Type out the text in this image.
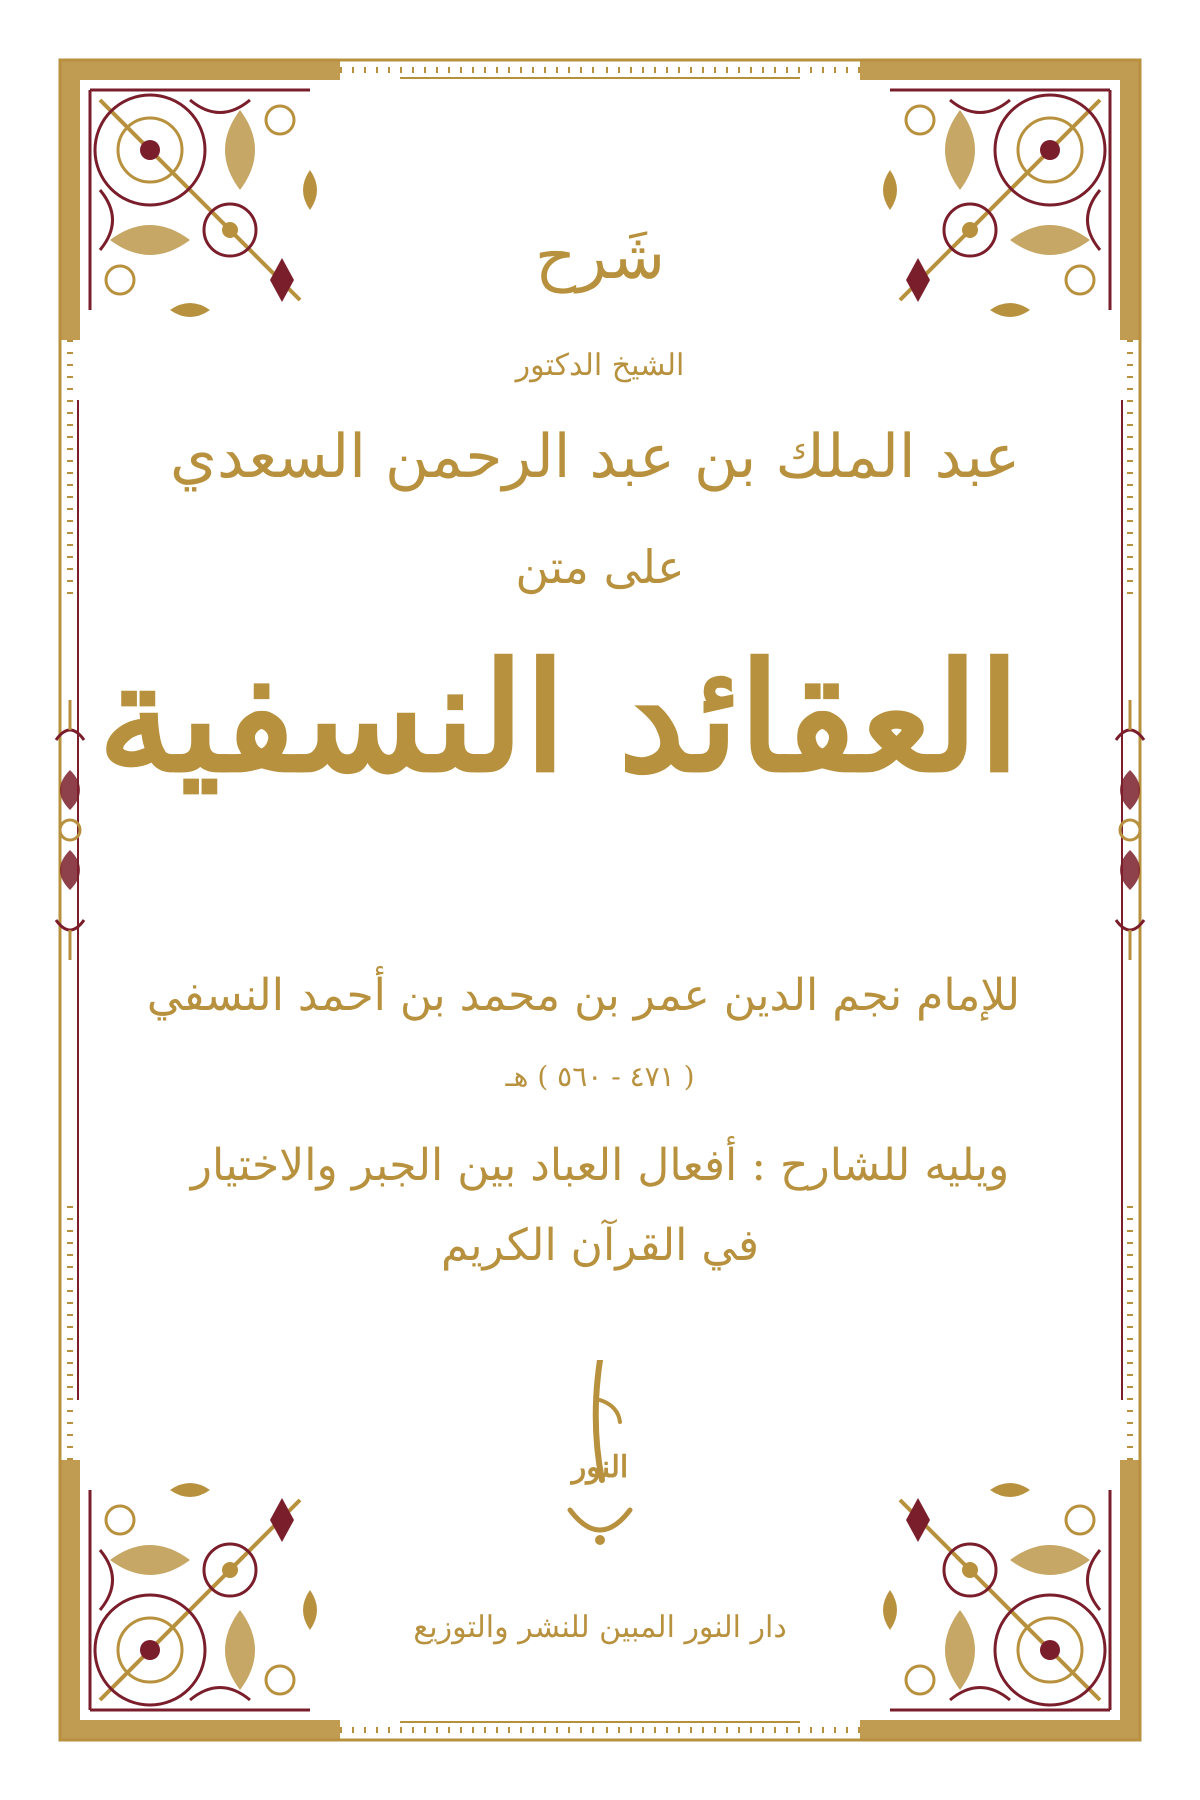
شَرح
الشيخ الدكتور
عبد الملك بن عبد الرحمن السعدي
على متن
العقائد النسفية
للإمام نجم الدين عمر بن محمد بن أحمد النسفي
( ٤٧١ - ٥٦٠ ) هـ
ويليه للشارح : أفعال العباد بين الجبر والاختيار
في القرآن الكريم
النور
دار النور المبين للنشر والتوزيع
